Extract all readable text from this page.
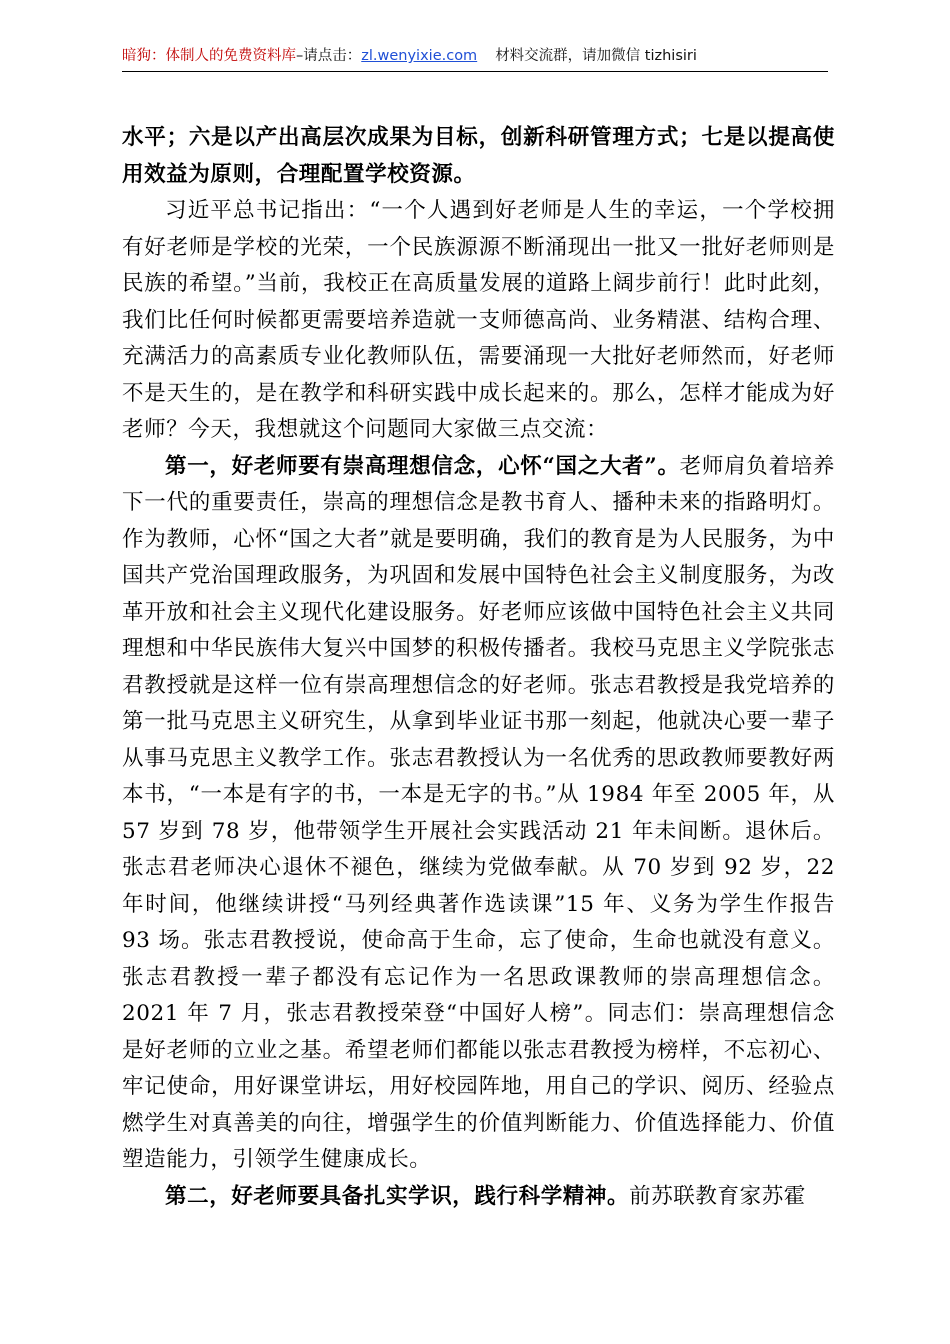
暗狗：体制人的免费资料库–请点击：zl.wenyixie.com 材料交流群，请加微信 tizhisiri

水平；六是以产出高层次成果为目标，创新科研管理方式；七是以提高使用效益为原则，合理配置学校资源。

习近平总书记指出：“一个人遇到好老师是人生的幸运，一个学校拥有好老师是学校的光荣，一个民族源源不断涌现出一批又一批好老师则是民族的希望。”当前，我校正在高质量发展的道路上阔步前行！此时此刻，我们比任何时候都更需要培养造就一支师德高尚、业务精湛、结构合理、充满活力的高素质专业化教师队伍，需要涌现一大批好老师然而，好老师不是天生的，是在教学和科研实践中成长起来的。那么，怎样才能成为好老师？今天，我想就这个问题同大家做三点交流：

第一，好老师要有崇高理想信念，心怀“国之大者”。老师肩负着培养下一代的重要责任，崇高的理想信念是教书育人、播种未来的指路明灯。作为教师，心怀“国之大者”就是要明确，我们的教育是为人民服务，为中国共产党治国理政服务，为巩固和发展中国特色社会主义制度服务，为改革开放和社会主义现代化建设服务。好老师应该做中国特色社会主义共同理想和中华民族伟大复兴中国梦的积极传播者。我校马克思主义学院张志君教授就是这样一位有崇高理想信念的好老师。张志君教授是我党培养的第一批马克思主义研究生，从拿到毕业证书那一刻起，他就决心要一辈子从事马克思主义教学工作。张志君教授认为一名优秀的思政教师要教好两本书，“一本是有字的书，一本是无字的书。”从 1984 年至 2005 年，从 57 岁到 78 岁，他带领学生开展社会实践活动 21 年未间断。退休后。张志君老师决心退休不褪色，继续为党做奉献。从 70 岁到 92 岁，22 年时间，他继续讲授“马列经典著作选读课”15 年、义务为学生作报告 93 场。张志君教授说，使命高于生命，忘了使命，生命也就没有意义。张志君教授一辈子都没有忘记作为一名思政课教师的崇高理想信念。2021 年 7 月，张志君教授荣登“中国好人榜”。同志们：崇高理想信念是好老师的立业之基。希望老师们都能以张志君教授为榜样，不忘初心、牢记使命，用好课堂讲坛，用好校园阵地，用自己的学识、阅历、经验点燃学生对真善美的向往，增强学生的价值判断能力、价值选择能力、价值塑造能力，引领学生健康成长。

第二，好老师要具备扎实学识，践行科学精神。前苏联教育家苏霍
